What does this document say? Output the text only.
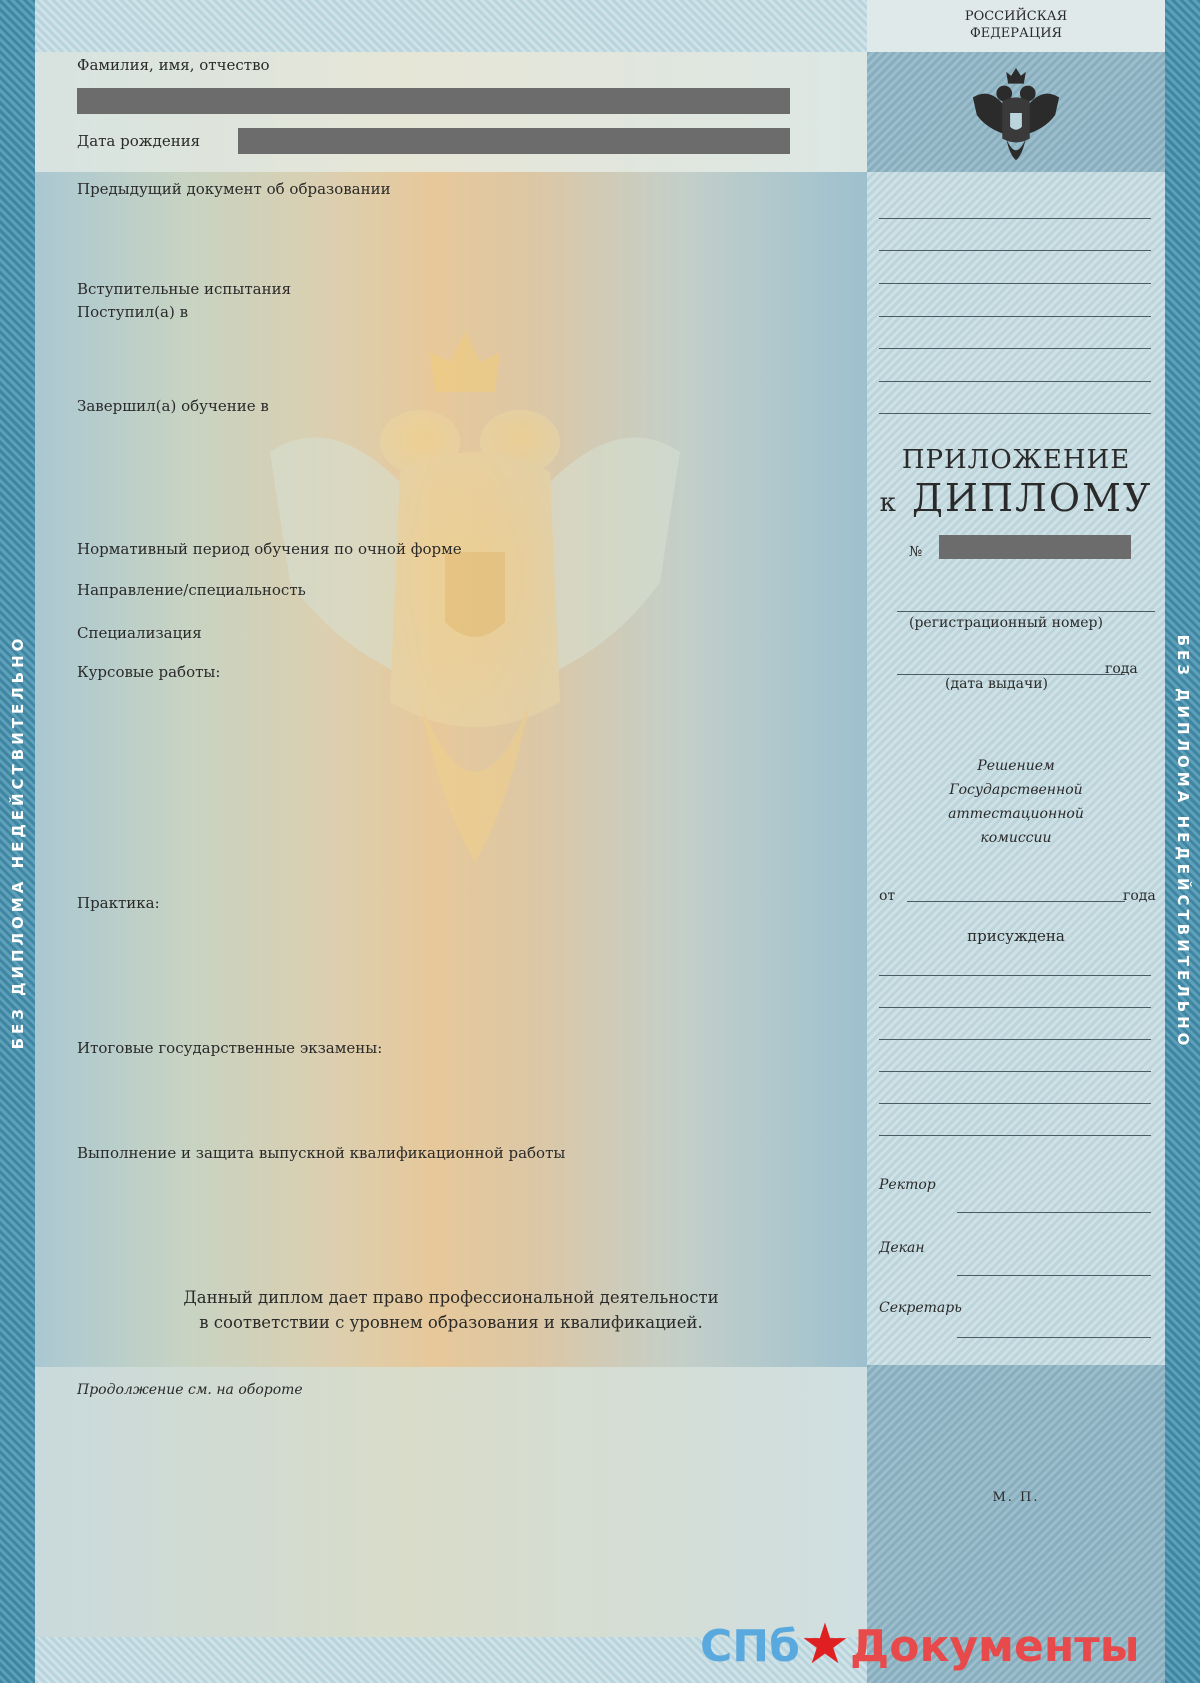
БЕЗ ДИПЛОМА НЕДЕЙСТВИТЕЛЬНО
Фамилия, имя, отчество
Дата рождения
Предыдущий документ об образовании
Вступительные испытания
Поступил(а) в
Завершил(а) обучение в
Нормативный период обучения по очной форме
Направление/специальность
Специализация
Курсовые работы:
Практика:
Итоговые государственные экзамены:
Выполнение и защита выпускной квалификационной работы
Данный диплом дает право профессиональной деятельности
в соответствии с уровнем образования и квалификацией.
Продолжение см. на обороте
РОССИЙСКАЯ
ФЕДЕРАЦИЯ
ПРИЛОЖЕНИЕ
к ДИПЛОМУ
№
(регистрационный номер)
года
(дата выдачи)
Решением
Государственной
аттестационной
комиссии
от	года
присуждена
Ректор
Декан
Секретарь
М. П.
БЕЗ ДИПЛОМА НЕДЕЙСТВИТЕЛЬНО
СПб★Документы
